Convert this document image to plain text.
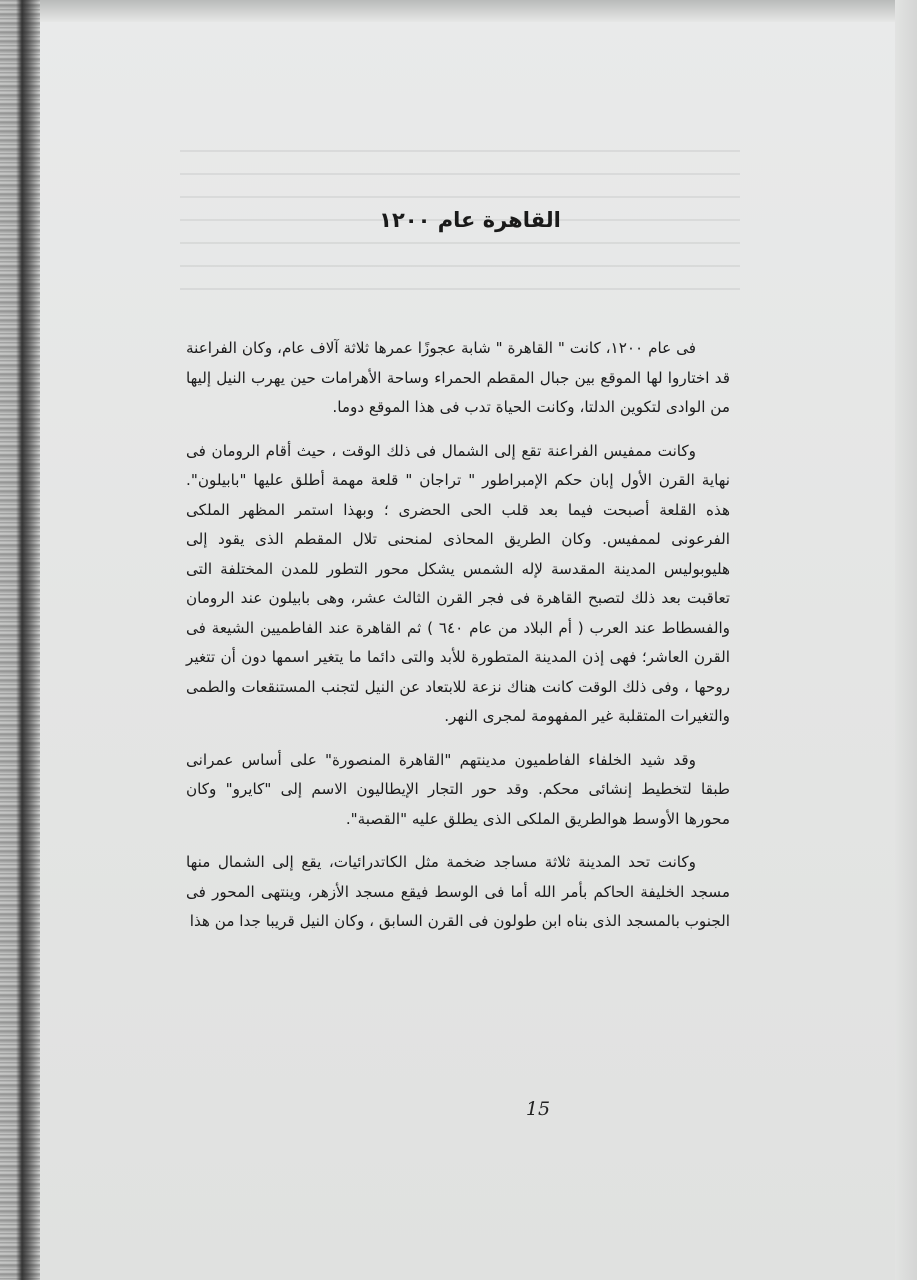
القاهرة عام ١٢٠٠

فى عام ١٢٠٠، كانت " القاهرة " شابة عجوزًا عمرها ثلاثة آلاف عام، وكان الفراعنة قد اختاروا لها الموقع بين جبال المقطم الحمراء وساحة الأهرامات حين يهرب النيل إليها من الوادى لتكوين الدلتا، وكانت الحياة تدب فى هذا الموقع دوما.

وكانت ممفيس الفراعنة تقع إلى الشمال فى ذلك الوقت ، حيث أقام الرومان فى نهاية القرن الأول إبان حكم الإمبراطور " تراجان " قلعة مهمة أطلق عليها "بابيلون". هذه القلعة أصبحت فيما بعد قلب الحى الحضرى ؛ وبهذا استمر المظهر الملكى الفرعونى لممفيس. وكان الطريق المحاذى لمنحنى تلال المقطم الذى يقود إلى هليوبوليس المدينة المقدسة لإله الشمس يشكل محور التطور للمدن المختلفة التى تعاقبت بعد ذلك لتصبح القاهرة فى فجر القرن الثالث عشر، وهى بابيلون عند الرومان والفسطاط عند العرب ( أم البلاد من عام ٦٤٠ ) ثم القاهرة عند الفاطميين الشيعة فى القرن العاشر؛ فهى إذن المدينة المتطورة للأبد والتى دائما ما يتغير اسمها دون أن تتغير روحها ، وفى ذلك الوقت كانت هناك نزعة للابتعاد عن النيل لتجنب المستنقعات والطمى والتغيرات المتقلبة غير المفهومة لمجرى النهر.

وقد شيد الخلفاء الفاطميون مدينتهم "القاهرة المنصورة" على أساس عمرانى طبقا لتخطيط إنشائى محكم. وقد حور التجار الإيطاليون الاسم إلى "كايرو" وكان محورها الأوسط هوالطريق الملكى الذى يطلق عليه "القصبة".

وكانت تحد المدينة ثلاثة مساجد ضخمة مثل الكاتدرائيات، يقع إلى الشمال منها مسجد الخليفة الحاكم بأمر الله أما فى الوسط فيقع مسجد الأزهر، وينتهى المحور فى الجنوب بالمسجد الذى بناه ابن طولون فى القرن السابق ، وكان النيل قريبا جدا من هذا

15
